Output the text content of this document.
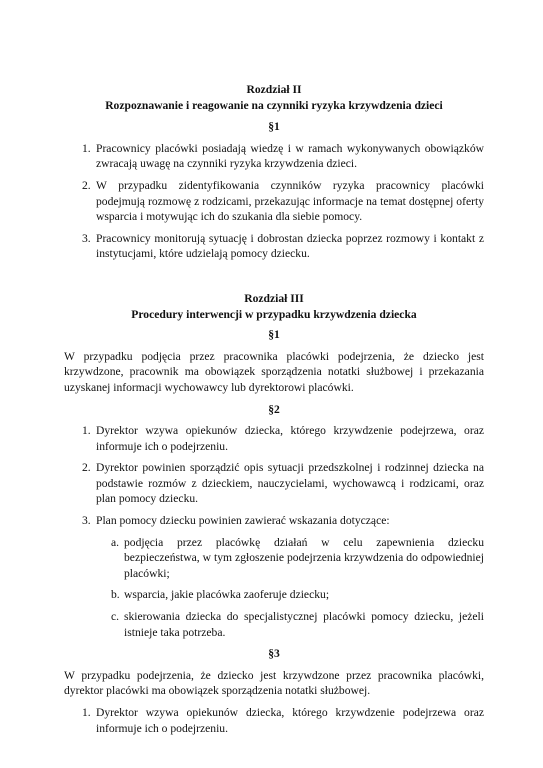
Rozdział II
Rozpoznawanie i reagowanie na czynniki ryzyka krzywdzenia dzieci
§1
1. Pracownicy placówki posiadają wiedzę i w ramach wykonywanych obowiązków zwracają uwagę na czynniki ryzyka krzywdzenia dzieci.
2. W przypadku zidentyfikowania czynników ryzyka pracownicy placówki podejmują rozmowę z rodzicami, przekazując informacje na temat dostępnej oferty wsparcia i motywując ich do szukania dla siebie pomocy.
3. Pracownicy monitorują sytuację i dobrostan dziecka poprzez rozmowy i kontakt z instytucjami, które udzielają pomocy dziecku.
Rozdział III
Procedury interwencji w przypadku krzywdzenia dziecka
§1

W przypadku podjęcia przez pracownika placówki podejrzenia, że dziecko jest krzywdzone, pracownik ma obowiązek sporządzenia notatki służbowej i przekazania uzyskanej informacji wychowawcy lub dyrektorowi placówki.

§2
1. Dyrektor wzywa opiekunów dziecka, którego krzywdzenie podejrzewa, oraz informuje ich o podejrzeniu.
2. Dyrektor powinien sporządzić opis sytuacji przedszkolnej i rodzinnej dziecka na podstawie rozmów z dzieckiem, nauczycielami, wychowawcą i rodzicami, oraz plan pomocy dziecku.
3. Plan pomocy dziecku powinien zawierać wskazania dotyczące:
a. podjęcia przez placówkę działań w celu zapewnienia dziecku bezpieczeństwa, w tym zgłoszenie podejrzenia krzywdzenia do odpowiedniej placówki;
b. wsparcia, jakie placówka zaoferuje dziecku;
c. skierowania dziecka do specjalistycznej placówki pomocy dziecku, jeżeli istnieje taka potrzeba.
§3

W przypadku podejrzenia, że dziecko jest krzywdzone przez pracownika placówki, dyrektor placówki ma obowiązek sporządzenia notatki służbowej.

1. Dyrektor wzywa opiekunów dziecka, którego krzywdzenie podejrzewa oraz informuje ich o podejrzeniu.
